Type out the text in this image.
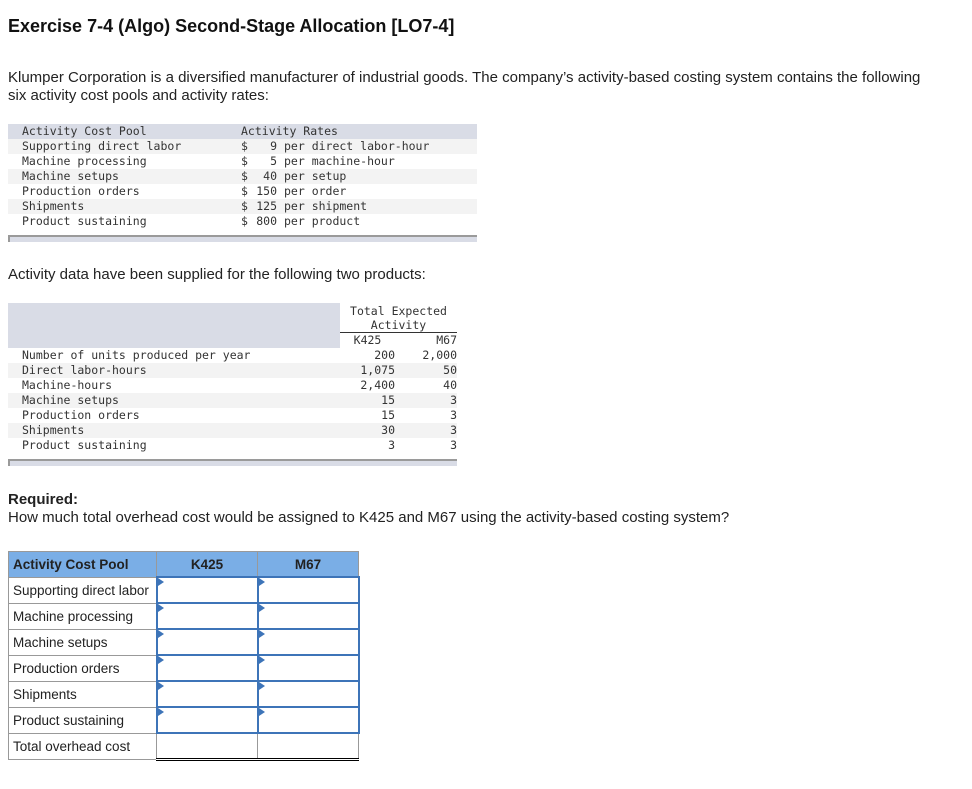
Exercise 7-4 (Algo) Second-Stage Allocation [LO7-4]
Klumper Corporation is a diversified manufacturer of industrial goods. The company’s activity-based costing system contains the following six activity cost pools and activity rates:
Activity Cost Pool	Activity Rates
Supporting direct labor	$	9 per direct labor-hour
Machine processing	$	5 per machine-hour
Machine setups	$	40 per setup
Production orders	$ 150 per order
Shipments	$ 125 per shipment
Product sustaining	$ 800 per product
Activity data have been supplied for the following two products:
Total Expected
Activity
K425	M67
Number of units produced per year	200	2,000
Direct labor-hours	1,075	50
Machine-hours	2,400	40
Machine setups	15	3
Production orders	15	3
Shipments	30	3
Product sustaining	3	3
Required:
How much total overhead cost would be assigned to K425 and M67 using the activity-based costing system?
Activity Cost Pool	K425	M67
Supporting direct labor	

Machine processing	

Machine setups	

Production orders	

Shipments	

Product sustaining	

Total overhead cost		
